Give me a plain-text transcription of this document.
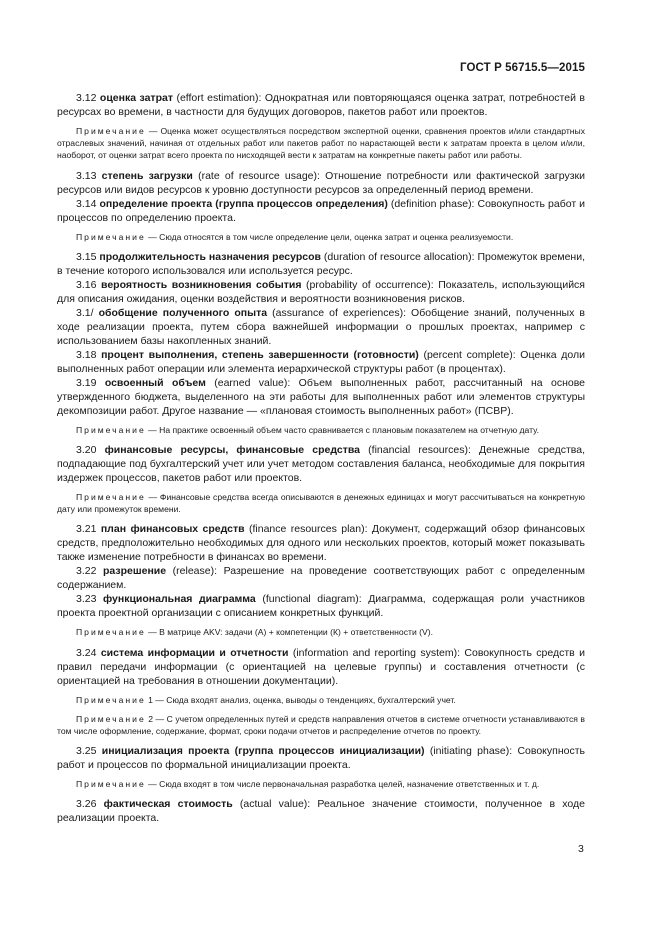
ГОСТ Р 56715.5—2015

3.12 оценка затрат (effort estimation): Однократная или повторяющаяся оценка затрат, потребностей в ресурсах во времени, в частности для будущих договоров, пакетов работ или проектов.

Примечание — Оценка может осуществляться посредством экспертной оценки, сравнения проектов и/или стандартных отраслевых значений, начиная от отдельных работ или пакетов работ по нарастающей вести к затратам проекта в целом и/или, наоборот, от оценки затрат всего проекта по нисходящей вести к затратам на конкретные пакеты работ или работы.

3.13 степень загрузки (rate of resource usage): Отношение потребности или фактической загрузки ресурсов или видов ресурсов к уровню доступности ресурсов за определенный период времени.

3.14 определение проекта (группа процессов определения) (definition phase): Совокупность работ и процессов по определению проекта.

Примечание — Сюда относятся в том числе определение цели, оценка затрат и оценка реализуемости.

3.15 продолжительность назначения ресурсов (duration of resource allocation): Промежуток времени, в течение которого использовался или используется ресурс.

3.16 вероятность возникновения события (probability of occurrence): Показатель, использующийся для описания ожидания, оценки воздействия и вероятности возникновения рисков.

3.1/ обобщение полученного опыта (assurance of experiences): Обобщение знаний, полученных в ходе реализации проекта, путем сбора важнейшей информации о прошлых проектах, например с использованием базы накопленных знаний.

3.18 процент выполнения, степень завершенности (готовности) (percent complete): Оценка доли выполненных работ операции или элемента иерархической структуры работ (в процентах).

3.19 освоенный объем (earned value): Объем выполненных работ, рассчитанный на основе утвержденного бюджета, выделенного на эти работы для выполненных работ или элементов структуры декомпозиции работ. Другое название — «плановая стоимость выполненных работ» (ПСВР).

Примечание — На практике освоенный объем часто сравнивается с плановым показателем на отчетную дату.

3.20 финансовые ресурсы, финансовые средства (financial resources): Денежные средства, подпадающие под бухгалтерский учет или учет методом составления баланса, необходимые для покрытия издержек процессов, пакетов работ или проектов.

Примечание — Финансовые средства всегда описываются в денежных единицах и могут рассчитываться на конкретную дату или промежуток времени.

3.21 план финансовых средств (finance resources plan): Документ, содержащий обзор финансовых средств, предположительно необходимых для одного или нескольких проектов, который может показывать также изменение потребности в финансах во времени.

3.22 разрешение (release): Разрешение на проведение соответствующих работ с определенным содержанием.

3.23 функциональная диаграмма (functional diagram): Диаграмма, содержащая роли участников проекта проектной организации с описанием конкретных функций.

Примечание — В матрице AKV: задачи (А) + компетенции (К) + ответственности (V).

3.24 система информации и отчетности (information and reporting system): Совокупность средств и правил передачи информации (с ориентацией на целевые группы) и составления отчетности (с ориентацией на требования в отношении документации).

Примечание 1 — Сюда входят анализ, оценка, выводы о тенденциях, бухгалтерский учет.

Примечание 2 — С учетом определенных путей и средств направления отчетов в системе отчетности устанавливаются в том числе оформление, содержание, формат, сроки подачи отчетов и распределение отчетов по проекту.

3.25 инициализация проекта (группа процессов инициализации) (initiating phase): Совокупность работ и процессов по формальной инициализации проекта.

Примечание — Сюда входят в том числе первоначальная разработка целей, назначение ответственных и т. д.

3.26 фактическая стоимость (actual value): Реальное значение стоимости, полученное в ходе реализации проекта.

3
